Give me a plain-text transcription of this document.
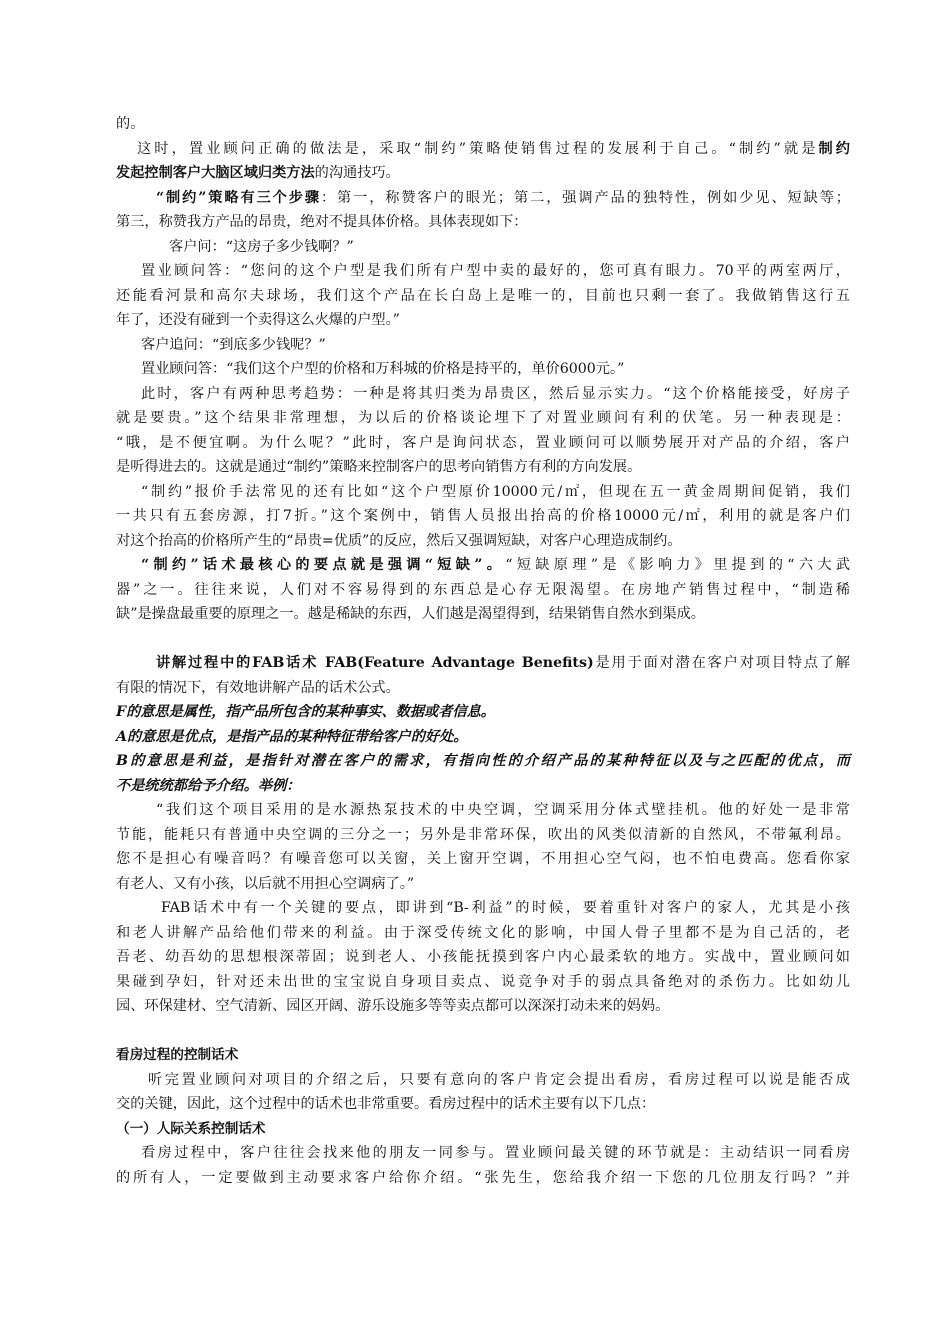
的。

这时，置业顾问正确的做法是，采取“制约”策略使销售过程的发展利于自己。“制约”就是制约

发起控制客户大脑区域归类方法的沟通技巧。

“制约”策略有三个步骤：第一，称赞客户的眼光；第二，强调产品的独特性，例如少见、短缺等；

第三，称赞我方产品的昂贵，绝对不提具体价格。具体表现如下：

客户问：“这房子多少钱啊？”

置业顾问答：“您问的这个户型是我们所有户型中卖的最好的，您可真有眼力。70平的两室两厅，

还能看河景和高尔夫球场，我们这个产品在长白岛上是唯一的，目前也只剩一套了。我做销售这行五

年了，还没有碰到一个卖得这么火爆的户型。”

客户追问：“到底多少钱呢？”

置业顾问答：“我们这个户型的价格和万科城的价格是持平的，单价6000元。”

此时，客户有两种思考趋势：一种是将其归类为昂贵区，然后显示实力。“这个价格能接受，好房子

就是要贵。”这个结果非常理想，为以后的价格谈论埋下了对置业顾问有利的伏笔。另一种表现是：

“哦，是不便宜啊。为什么呢？”此时，客户是询问状态，置业顾问可以顺势展开对产品的介绍，客户

是听得进去的。这就是通过“制约”策略来控制客户的思考向销售方有利的方向发展。

“制约”报价手法常见的还有比如“这个户型原价10000元/㎡，但现在五一黄金周期间促销，我们

一共只有五套房源，打7折。”这个案例中，销售人员报出抬高的价格10000元/㎡，利用的就是客户们

对这个抬高的价格所产生的“昂贵=优质”的反应，然后又强调短缺，对客户心理造成制约。

“制约”话术最核心的要点就是强调“短缺”。“短缺原理”是《影响力》里提到的“六大武

器”之一。往往来说，人们对不容易得到的东西总是心存无限渴望。在房地产销售过程中，“制造稀

缺”是操盘最重要的原理之一。越是稀缺的东西，人们越是渴望得到，结果销售自然水到渠成。

讲解过程中的FAB话术 FAB(Feature Advantage Benefits)是用于面对潜在客户对项目特点了解

有限的情况下，有效地讲解产品的话术公式。

F的意思是属性，指产品所包含的某种事实、数据或者信息。

A的意思是优点，是指产品的某种特征带给客户的好处。

B的意思是利益，是指针对潜在客户的需求，有指向性的介绍产品的某种特征以及与之匹配的优点，而

不是统统都给予介绍。举例：

“我们这个项目采用的是水源热泵技术的中央空调，空调采用分体式壁挂机。他的好处一是非常

节能，能耗只有普通中央空调的三分之一；另外是非常环保，吹出的风类似清新的自然风，不带氟利昂。

您不是担心有噪音吗？有噪音您可以关窗，关上窗开空调，不用担心空气闷，也不怕电费高。您看你家

有老人、又有小孩，以后就不用担心空调病了。”

FAB话术中有一个关键的要点，即讲到“B-利益”的时候，要着重针对客户的家人，尤其是小孩

和老人讲解产品给他们带来的利益。由于深受传统文化的影响，中国人骨子里都不是为自己活的，老

吾老、幼吾幼的思想根深蒂固；说到老人、小孩能抚摸到客户内心最柔软的地方。实战中，置业顾问如

果碰到孕妇，针对还未出世的宝宝说自身项目卖点、说竞争对手的弱点具备绝对的杀伤力。比如幼儿

园、环保建材、空气清新、园区开阔、游乐设施多等等卖点都可以深深打动未来的妈妈。

看房过程的控制话术

听完置业顾问对项目的介绍之后，只要有意向的客户肯定会提出看房，看房过程可以说是能否成

交的关键，因此，这个过程中的话术也非常重要。看房过程中的话术主要有以下几点：

（一）人际关系控制话术

看房过程中，客户往往会找来他的朋友一同参与。置业顾问最关键的环节就是：主动结识一同看房

的所有人，一定要做到主动要求客户给你介绍。“张先生，您给我介绍一下您的几位朋友行吗？”并
